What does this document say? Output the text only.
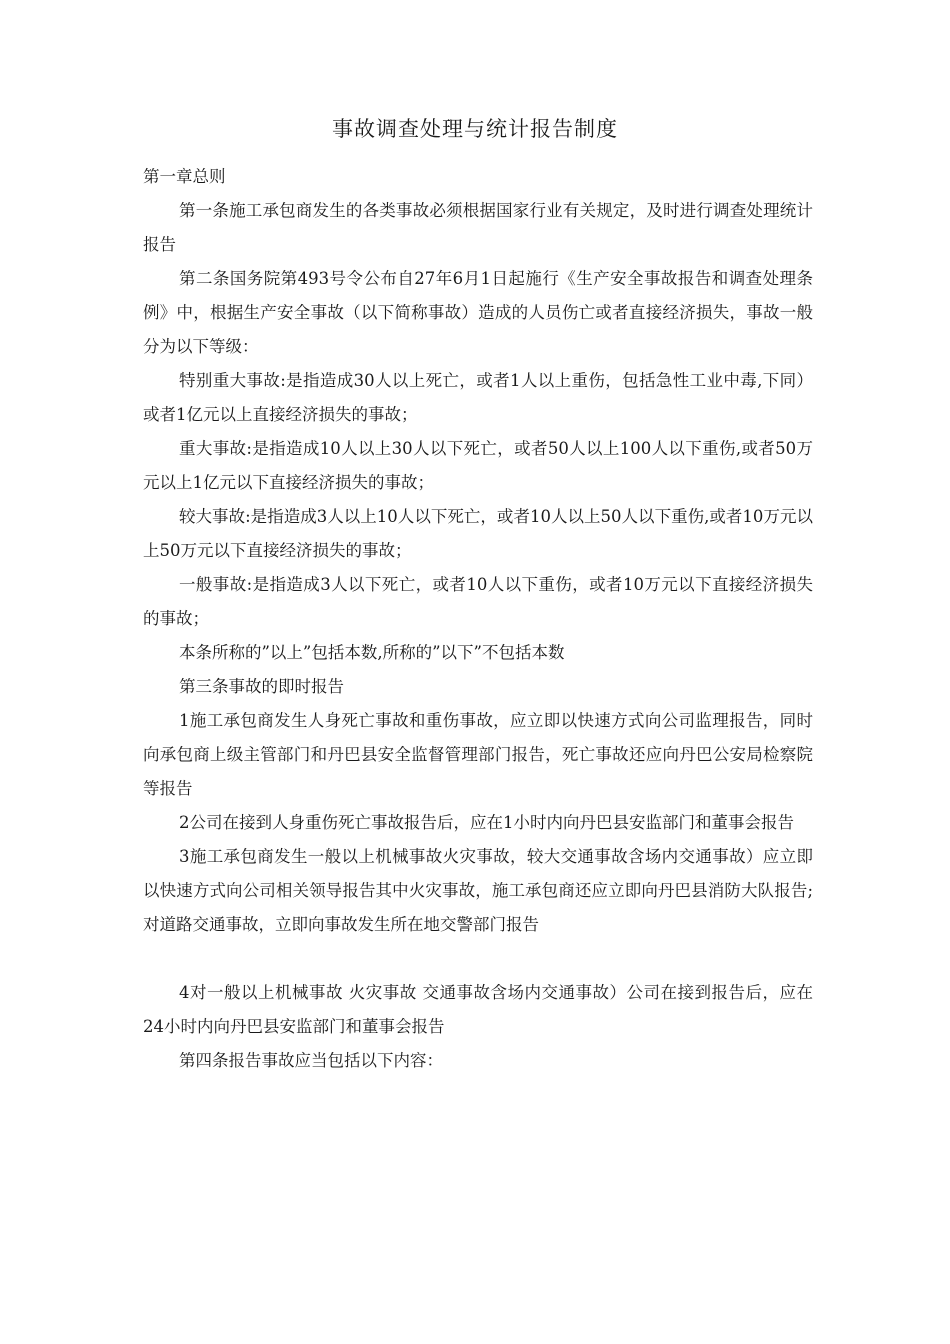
事故调查处理与统计报告制度

第一章总则

第一条施工承包商发生的各类事故必须根据国家行业有关规定，及时进行调查处理统计报告

第二条国务院第493号令公布自27年6月1日起施行《生产安全事故报告和调查处理条例》中，根据生产安全事故（以下简称事故）造成的人员伤亡或者直接经济损失，事故一般分为以下等级：

特别重大事故:是指造成30人以上死亡，或者1人以上重伤，包括急性工业中毒,下同）或者1亿元以上直接经济损失的事故；

重大事故:是指造成10人以上30人以下死亡，或者50人以上100人以下重伤,或者50万元以上1亿元以下直接经济损失的事故；

较大事故:是指造成3人以上10人以下死亡，或者10人以上50人以下重伤,或者10万元以上50万元以下直接经济损失的事故；

一般事故:是指造成3人以下死亡，或者10人以下重伤，或者10万元以下直接经济损失的事故；

本条所称的”以上”包括本数,所称的”以下”不包括本数

第三条事故的即时报告

1施工承包商发生人身死亡事故和重伤事故，应立即以快速方式向公司监理报告，同时向承包商上级主管部门和丹巴县安全监督管理部门报告，死亡事故还应向丹巴公安局检察院等报告

2公司在接到人身重伤死亡事故报告后，应在1小时内向丹巴县安监部门和董事会报告

3施工承包商发生一般以上机械事故火灾事故，较大交通事故含场内交通事故）应立即以快速方式向公司相关领导报告其中火灾事故，施工承包商还应立即向丹巴县消防大队报告;对道路交通事故，立即向事故发生所在地交警部门报告

4对一般以上机械事故 火灾事故 交通事故含场内交通事故）公司在接到报告后，应在24小时内向丹巴县安监部门和董事会报告

第四条报告事故应当包括以下内容：
